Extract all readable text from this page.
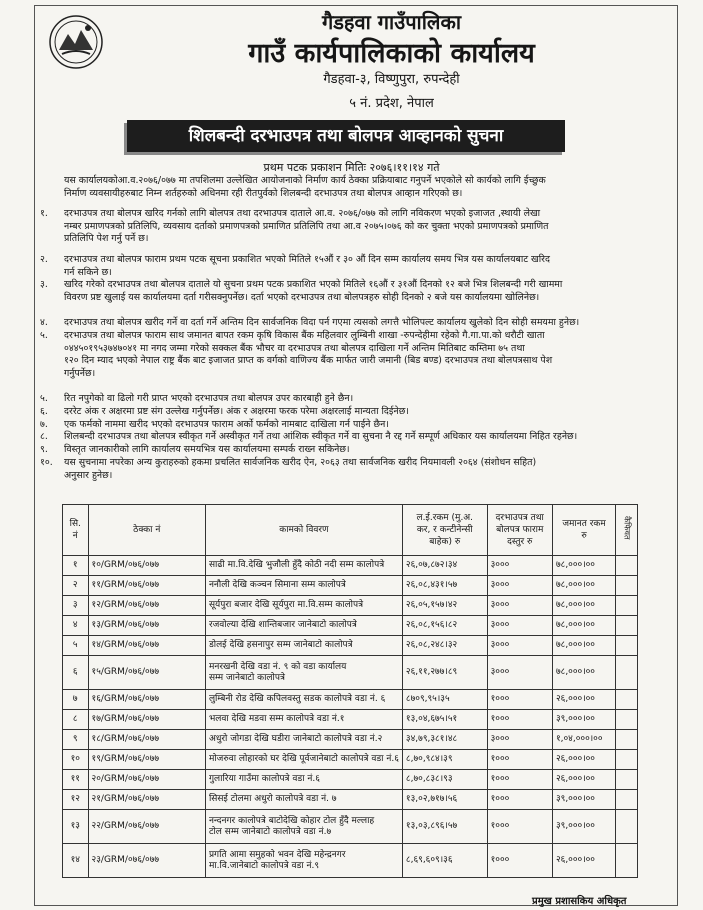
गैडहवा गाउँपालिका
गाउँ कार्यपालिकाको कार्यालय
गैडहवा-३, विष्णुपुरा, रुपन्देही
५ नं. प्रदेश, नेपाल
शिलबन्दी दरभाउपत्र तथा बोलपत्र आव्हानको सुचना
प्रथम पटक प्रकाशन मितिः २०७६।११।१४ गते
यस कार्यालयकोआ.व.२०७६/०७७ मा तपशिलमा उल्लेखित आयोजनाको निर्माण कार्य ठेक्का प्रक्रियाबाट गनुपर्ने भएकोले सो कार्यको लागि ईच्छुक
निर्माण व्यवसायीहरुबाट निम्न शर्तहरुको अधिनमा रही रीतपुर्वको शिलबन्दी दरभाउपत्र तथा बोलपत्र आव्हान गरिएको छ।
१.	दरभाउपत्र तथा बोलपत्र खरिद गर्नको लागि बोलपत्र तथा दरभाउपत्र दाताले आ.व. २०७६/०७७ को लागि नविकरण भएको इजाजत ,स्थायी लेखा
नम्बर प्रमाणपत्रको प्रतिलिपि, व्यवसाय दर्ताको प्रमाणपत्रको प्रमाणित प्रतिलिपि तथा आ.व २०७५।०७६ को कर चुक्ता भएको प्रमाणपत्रको प्रमाणित
प्रतिलिपि पेश गर्नु पर्ने छ।
२.	दरभाउपत्र तथा बोलपत्र फाराम प्रथम पटक सूचना प्रकाशित भएको मितिले १५औं र ३० औं दिन सम्म कार्यालय समय भित्र यस कार्यालयबाट खरिद
गर्न सकिने छ।
३.	खरिद गरेको दरभाउपत्र तथा बोलपत्र दाताले यो सुचना प्रथम पटक प्रकाशित भएको मितिले १६औं र ३१औं दिनको १२ बजे भित्र शिलबन्दी गरी खाममा
विवरण प्रष्ट खुलाई यस कार्यालयमा दर्ता गरीसक्नुपर्नेछ। दर्ता भएको दरभाउपत्र तथा बोलपत्रहरु सोही दिनको २ बजे यस कार्यालयमा खोलिनेछ।
४.	दरभाउपत्र तथा बोलपत्र खरीद गर्ने वा दर्ता गर्ने अन्तिम दिन सार्वजनिक विदा पर्न गएमा त्यसको लगत्तै भोलिपल्ट कार्यालय खुलेको दिन सोही समयमा हुनेछ।
५.	दरभाउपत्र तथा बोलपत्र फाराम साथ जमानत बापत रकम कृषि विकास बैंक महिलवार लुम्बिनी शाखा -रुपन्देहीमा रहेको गै.गा.पा.को धरौटी खाता
०४४५०१९५३७४७०४१ मा नगद जम्मा गरेको सक्कल बैंक भौचर वा दरभाउपत्र तथा बोलपत्र दाखिला गर्ने अन्तिम मितिबाट कम्तिमा ७५ तथा
१२० दिन म्याद भएको नेपाल राष्ट्र बैंक बाट इजाजत प्राप्त क वर्गको वाणिज्य बैंक मार्फत जारी जमानी (बिड बण्ड) दरभाउपत्र तथा बोलपत्रसाथ पेश
गर्नुपर्नेछ।
५.	रित नपुगेको वा ढिलो गरी प्राप्त भएको दरभाउपत्र तथा बोलपत्र उपर कारबाही हुने छैन।
६.	दररेट अंक र अक्षरमा प्रष्ट संग उल्लेख गर्नुपर्नेछ। अंक र अक्षरमा फरक परेमा अक्षरलाई मान्यता दिईनेछ।
७.	एक फर्मको नाममा खरीद भएको दरभाउपत्र फाराम अर्को फर्मको नामबाट दाखिला गर्न पाईने छैन।
८.	शिलबन्दी दरभाउपत्र तथा बोलपत्र स्वीकृत गर्ने अस्वीकृत गर्ने तथा आंशिक स्वीकृत गर्ने वा सुचना नै रद्द गर्ने सम्पूर्ण अधिकार यस कार्यालयमा निहित रहनेछ।
९.	विस्तृत जानकारीको लागि कार्यालय समयभित्र यस कार्यालयमा सम्पर्क राख्न सकिनेछ।
१०.	यस सुचनामा नपरेका अन्य कुराहरुको हकमा प्रचलित सार्वजनिक खरीद ऐन, २०६३ तथा सार्वजनिक खरीद नियमावली २०६४ (संशोधन सहित)
अनुसार हुनेछ।
सि.
नं	ठेक्का नं	कामको विवरण	ल.ई.रकम (मु.अ.
कर, र कन्टीनेन्सी
बाहेक) रु	दरभाउपत्र तथा
बोलपत्र फाराम
दस्तुर रु	जमानत रकम
रु	कैफियत
१	१०/GRM/०७६/०७७	साढी मा.वि.देखि भुजौली हुँदै कोठी नदी सम्म कालोपत्रे	२६,०७,८७२।३४	३०००	७८,०००।००	
२	११/GRM/०७६/०७७	ननौली देखि कञ्चन सिमाना सम्म कालोपत्रे	२६,०८,४३१।५७	३०००	७८,०००।००	
३	१२/GRM/०७६/०७७	सूर्यपुरा बजार देखि सूर्यपुरा मा.वि.सम्म कालोपत्रे	२६,०५,१५७।४२	३०००	७८,०००।००	
४	१३/GRM/०७६/०७७	रजवोल्या देखि शान्तिबजार जानेबाटो कालोपत्रे	२६,०८,१५६।८२	३०००	७८,०००।००	
५	१४/GRM/०७६/०७७	डोलई देखि हसनापुर सम्म जानेबाटो कालोपत्रे	२६,०८,२४८।३२	३०००	७८,०००।००	
६	१५/GRM/०७६/०७७	मनरखनी देखि वडा नं. ९ को वडा कार्यालय
सम्म जानेबाटो कालोपत्रे	२६,११,२७७।८९	३०००	७८,०००।००	
७	१६/GRM/०७६/०७७	लुम्बिनी रोड देखि कपिलवस्तु सडक कालोपत्रे वडा नं. ६	८७०९,९५।३५	१०००	२६,०००।००	
८	१७/GRM/०७६/०७७	भलवा देखि मडवा सम्म कालोपत्रे वडा नं.१	१३,०४,६७५।५१	१०००	३९,०००।००	
९	१८/GRM/०७६/०७७	अधुरो जोगडा देखि घडीरा जानेबाटो कालोपत्रे वडा नं.२	३४,७९,३८१।४८	३०००	१,०४,०००।००	
१०	१९/GRM/०७६/०७७	मोजरुवा लोहारको घर देखि पूर्वजानेबाटो कालोपत्रे वडा नं.६	८,७०,९८४।३९	१०००	२६,०००।००	
११	२०/GRM/०७६/०७७	गुलारिया गाउँमा कालोपत्रे वडा नं.६	८,७०,८३८।९३	१०००	२६,०००।००	
१२	२१/GRM/०७६/०७७	सिसई टोलमा अधुरो कालोपत्रे वडा नं. ७	१३,०२,७१७।५६	१०००	३९,०००।००	
१३	२२/GRM/०७६/०७७	नन्दनगर कालोपत्रे बाटोदेखि कोहार टोल हुँदै मल्लाह
टोल सम्म जानेबाटो कालोपत्रे वडा नं.७	१३,०३,८९६।५७	१०००	३९,०००।००	
१४	२३/GRM/०७६/०७७	प्रगति आमा समुहको भवन देखि महेन्द्रनगर
मा.वि.जानेबाटो कालोपत्रे वडा नं.९	८,६९,६०९।३६	१०००	२६,०००।००	
प्रमुख प्रशासकिय अधिकृत
